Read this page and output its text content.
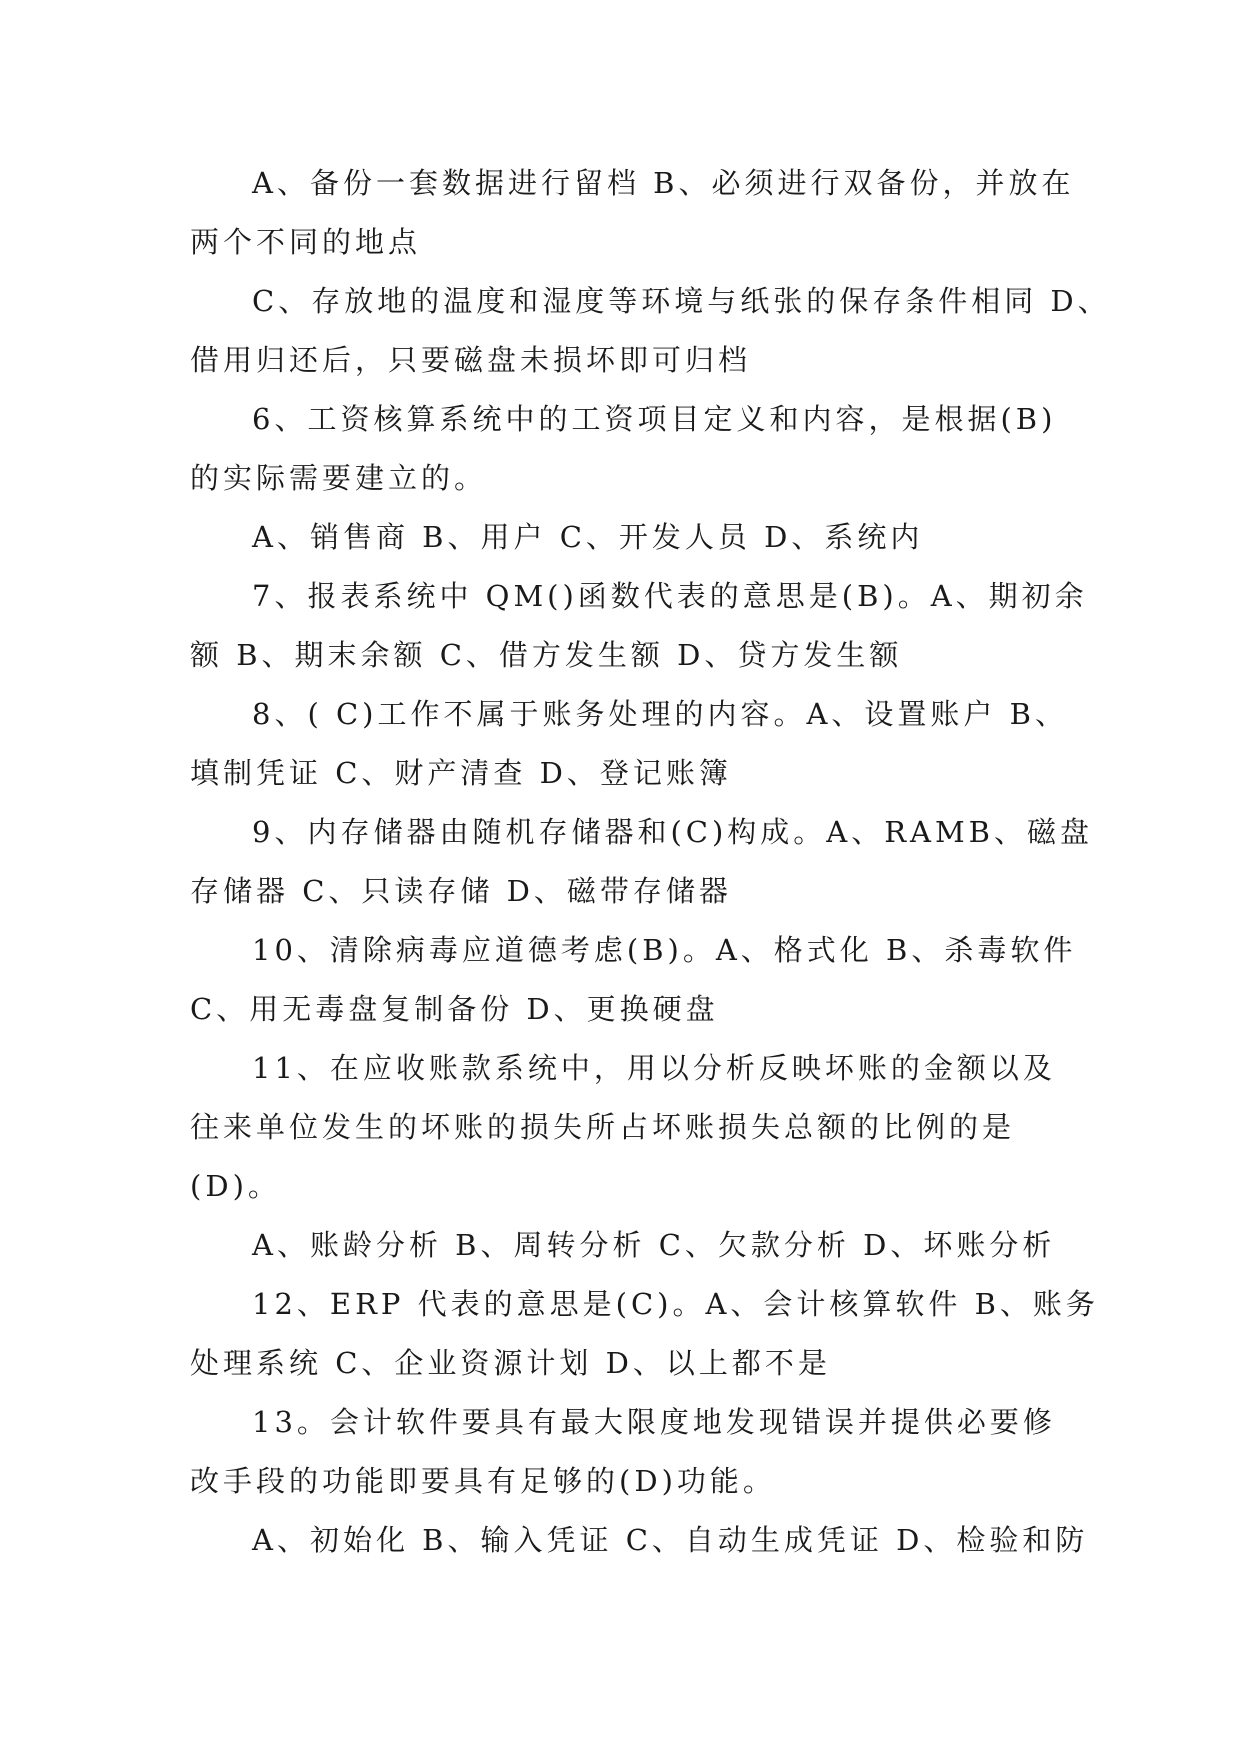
A、备份一套数据进行留档 B、必须进行双备份，并放在
两个不同的地点

C、存放地的温度和湿度等环境与纸张的保存条件相同 D、
借用归还后，只要磁盘未损坏即可归档

6、工资核算系统中的工资项目定义和内容，是根据(B)
的实际需要建立的。

A、销售商 B、用户 C、开发人员 D、系统内

7、报表系统中 QM()函数代表的意思是(B)。A、期初余
额 B、期末余额 C、借方发生额 D、贷方发生额

8、( C)工作不属于账务处理的内容。A、设置账户 B、
填制凭证 C、财产清查 D、登记账簿

9、内存储器由随机存储器和(C)构成。A、RAMB、磁盘
存储器 C、只读存储 D、磁带存储器

10、清除病毒应道德考虑(B)。A、格式化 B、杀毒软件
C、用无毒盘复制备份 D、更换硬盘

11、在应收账款系统中，用以分析反映坏账的金额以及
往来单位发生的坏账的损失所占坏账损失总额的比例的是
(D)。

A、账龄分析 B、周转分析 C、欠款分析 D、坏账分析

12、ERP 代表的意思是(C)。A、会计核算软件 B、账务
处理系统 C、企业资源计划 D、以上都不是

13。会计软件要具有最大限度地发现错误并提供必要修
改手段的功能即要具有足够的(D)功能。

A、初始化 B、输入凭证 C、自动生成凭证 D、检验和防
